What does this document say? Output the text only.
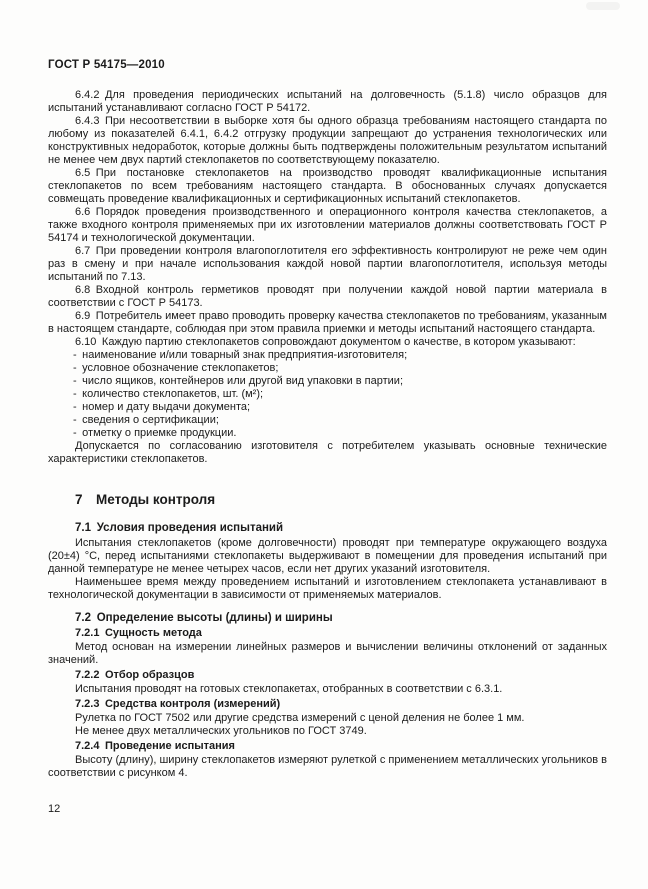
ГОСТ Р 54175—2010

6.4.2 Для проведения периодических испытаний на долговечность (5.1.8) число образцов для испытаний устанавливают согласно ГОСТ Р 54172.

6.4.3 При несоответствии в выборке хотя бы одного образца требованиям настоящего стандарта по любому из показателей 6.4.1, 6.4.2 отгрузку продукции запрещают до устранения технологических или конструктивных недоработок, которые должны быть подтверждены положительным результатом испытаний не менее чем двух партий стеклопакетов по соответствующему показателю.

6.5 При постановке стеклопакетов на производство проводят квалификационные испытания стеклопакетов по всем требованиям настоящего стандарта. В обоснованных случаях допускается совмещать проведение квалификационных и сертификационных испытаний стеклопакетов.

6.6 Порядок проведения производственного и операционного контроля качества стеклопакетов, а также входного контроля применяемых при их изготовлении материалов должны соответствовать ГОСТ Р 54174 и технологической документации.

6.7 При проведении контроля влагопоглотителя его эффективность контролируют не реже чем один раз в смену и при начале использования каждой новой партии влагопоглотителя, используя методы испытаний по 7.13.

6.8 Входной контроль герметиков проводят при получении каждой новой партии материала в соответствии с ГОСТ Р 54173.

6.9 Потребитель имеет право проводить проверку качества стеклопакетов по требованиям, указанным в настоящем стандарте, соблюдая при этом правила приемки и методы испытаний настоящего стандарта.

6.10 Каждую партию стеклопакетов сопровождают документом о качестве, в котором указывают:

- наименование и/или товарный знак предприятия-изготовителя;

- условное обозначение стеклопакетов;

- число ящиков, контейнеров или другой вид упаковки в партии;

- количество стеклопакетов, шт. (м²);

- номер и дату выдачи документа;

- сведения о сертификации;

- отметку о приемке продукции.

Допускается по согласованию изготовителя с потребителем указывать основные технические характеристики стеклопакетов.

7  Методы контроля

7.1 Условия проведения испытаний

Испытания стеклопакетов (кроме долговечности) проводят при температуре окружающего воздуха (20±4) °С, перед испытаниями стеклопакеты выдерживают в помещении для проведения испытаний при данной температуре не менее четырех часов, если нет других указаний изготовителя.

Наименьшее время между проведением испытаний и изготовлением стеклопакета устанавливают в технологической документации в зависимости от применяемых материалов.

7.2 Определение высоты (длины) и ширины

7.2.1 Сущность метода

Метод основан на измерении линейных размеров и вычислении величины отклонений от заданных значений.

7.2.2 Отбор образцов

Испытания проводят на готовых стеклопакетах, отобранных в соответствии с 6.3.1.

7.2.3 Средства контроля (измерений)

Рулетка по ГОСТ 7502 или другие средства измерений с ценой деления не более 1 мм.

Не менее двух металлических угольников по ГОСТ 3749.

7.2.4 Проведение испытания

Высоту (длину), ширину стеклопакетов измеряют рулеткой с применением металлических угольников в соответствии с рисунком 4.

12
